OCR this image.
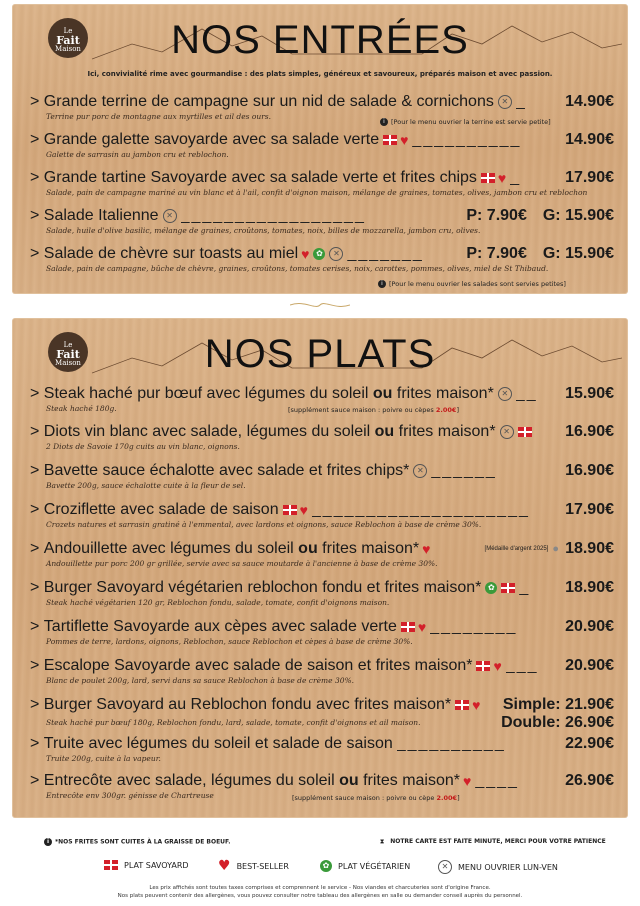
Le
Fait
Maison	NOS ENTRÉES
Ici, convivialité rime avec gourmandise : des plats simples, généreux et savoureux, préparés maison et avec passion.
> Grande terrine de campagne sur un nid de salade & cornichons ✕ _	14.90€
Terrine pur porc de montagne aux myrtilles et ail des ours.
i [Pour le menu ouvrier la terrine est servie petite]
> Grande galette savoyarde avec sa salade verte ♥ __________	14.90€
Galette de sarrasin au jambon cru et reblochon.
> Grande tartine Savoyarde avec sa salade verte et frites chips ♥ _	17.90€
Salade, pain de campagne mariné au vin blanc et à l'ail, confit d'oignon maison, mélange de graines, tomates, olives, jambon cru et reblochon
> Salade Italienne ✕ _________________	P: 7.90€ G: 15.90€
Salade, huile d'olive basilic, mélange de graines, croûtons, tomates, noix, billes de mozzarella, jambon cru, olives.
> Salade de chèvre sur toasts au miel ♥ ✿	✕ _______	P: 7.90€ G: 15.90€
Salade, pain de campagne, bûche de chèvre, graines, croûtons, tomates cerises, noix, carottes, pommes, olives, miel de St Thibaud.
i [Pour le menu ouvrier les salades sont servies petites]
Le
Fait
Maison	NOS PLATS
> Steak haché pur bœuf avec légumes du soleil ou frites maison* ✕ __	15.90€
Steak haché 180g.	[supplément sauce maison : poivre ou cèpes 2.00€]
> Diots vin blanc avec salade, légumes du soleil ou frites maison* ✕	16.90€
2 Diots de Savoie 170g cuits au vin blanc, oignons.
> Bavette sauce échalotte avec salade et frites chips* ✕ ______	16.90€
Bavette 200g, sauce échalotte cuite à la fleur de sel.
> Croziflette avec salade de saison ♥ ____________________	17.90€
Crozets natures et sarrasin gratiné à l'emmental, avec lardons et oignons, sauce Reblochon à base de crème 30%.
> Andouillette avec légumes du soleil ou frites maison* ♥	[Médaille d'argent 2025] ● 18.90€
Andouillette pur porc 200 gr grillée, servie avec sa sauce moutarde à l'ancienne à base de crème 30%.
> Burger Savoyard végétarien reblochon fondu et frites maison* ✿ _	18.90€
Steak haché végétarien 120 gr, Reblochon fondu, salade, tomate, confit d'oignons maison.
> Tartiflette Savoyarde aux cèpes avec salade verte ♥ ________	20.90€
Pommes de terre, lardons, oignons, Reblochon, sauce Reblochon et cèpes à base de crème 30%.
> Escalope Savoyarde avec salade de saison et frites maison* ♥ ___	20.90€
Blanc de poulet 200g, lard, servi dans sa sauce Reblochon à base de crème 30%.
> Burger Savoyard au Reblochon fondu avec frites maison* ♥ Simple: 21.90€
Steak haché pur bœuf 180g, Reblochon fondu, lard, salade, tomate, confit d'oignons et ail maison.	Double: 26.90€
> Truite avec légumes du soleil et salade de saison __________	22.90€
Truite 200g, cuite à la vapeur.
> Entrecôte avec salade, légumes du soleil ou frites maison* ♥ ____	26.90€
Entrecôte env 300gr. génisse de Chartreuse	[supplément sauce maison : poivre ou cèpe 2.00€]
i *NOS FRITES SONT CUITES À LA GRAISSE DE BOEUF.	⧗ NOTRE CARTE EST FAITE MINUTE, MERCI POUR VOTRE PATIENCE
PLAT SAVOYARD ♥ BEST-SELLER	✿	PLAT VÉGÉTARIEN	✕	MENU OUVRIER LUN-VEN
Les prix affichés sont toutes taxes comprises et comprennent le service - Nos viandes et charcuteries sont d'origine France.
Nos plats peuvent contenir des allergènes, vous pouvez consulter notre tableau des allergènes en salle ou demander conseil auprès du personnel.
